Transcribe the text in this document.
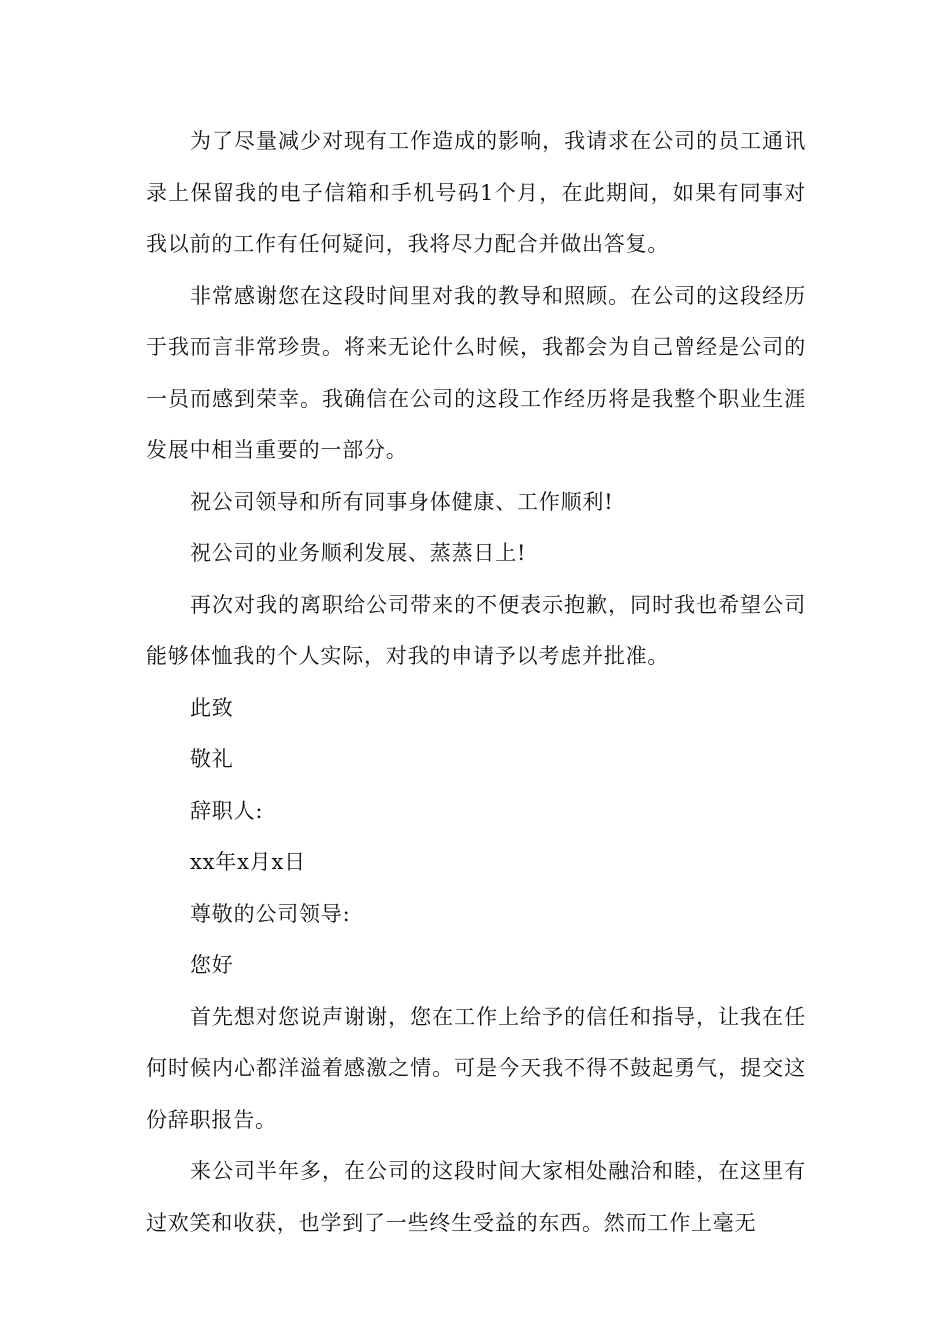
为了尽量减少对现有工作造成的影响，我请求在公司的员工通讯录上保留我的电子信箱和手机号码1个月，在此期间，如果有同事对我以前的工作有任何疑问，我将尽力配合并做出答复。

非常感谢您在这段时间里对我的教导和照顾。在公司的这段经历于我而言非常珍贵。将来无论什么时候，我都会为自己曾经是公司的一员而感到荣幸。我确信在公司的这段工作经历将是我整个职业生涯发展中相当重要的一部分。

祝公司领导和所有同事身体健康、工作顺利!

祝公司的业务顺利发展、蒸蒸日上!

再次对我的离职给公司带来的不便表示抱歉，同时我也希望公司能够体恤我的个人实际，对我的申请予以考虑并批准。

此致

敬礼

辞职人:

xx年x月x日

尊敬的公司领导:

您好

首先想对您说声谢谢，您在工作上给予的信任和指导，让我在任何时候内心都洋溢着感激之情。可是今天我不得不鼓起勇气，提交这份辞职报告。

来公司半年多，在公司的这段时间大家相处融洽和睦，在这里有过欢笑和收获，也学到了一些终生受益的东西。然而工作上毫无
